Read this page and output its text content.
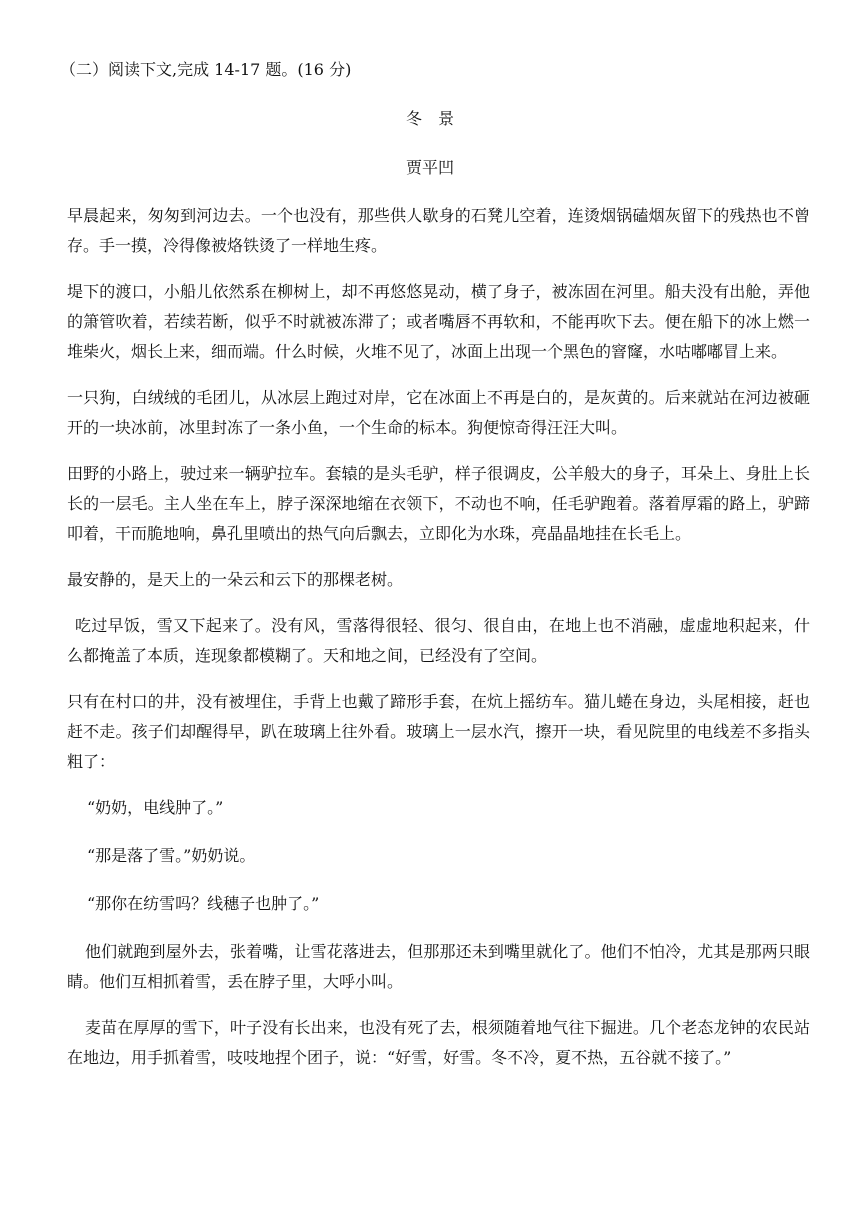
（二）阅读下文,完成 14-17 题。(16 分)
冬　景
贾平凹

早晨起来，匆匆到河边去。一个也没有，那些供人歇身的石凳儿空着，连烫烟锅磕烟灰留下的残热也不曾存。手一摸，冷得像被烙铁烫了一样地生疼。

堤下的渡口，小船儿依然系在柳树上，却不再悠悠晃动，横了身子，被冻固在河里。船夫没有出舱，弄他的箫管吹着，若续若断，似乎不时就被冻滞了；或者嘴唇不再软和，不能再吹下去。便在船下的冰上燃一堆柴火，烟长上来，细而端。什么时候，火堆不见了，冰面上出现一个黑色的窨窿，水咕嘟嘟冒上来。

一只狗，白绒绒的毛团儿，从冰层上跑过对岸，它在冰面上不再是白的，是灰黄的。后来就站在河边被砸开的一块冰前，冰里封冻了一条小鱼，一个生命的标本。狗便惊奇得汪汪大叫。

田野的小路上，驶过来一辆驴拉车。套辕的是头毛驴，样子很调皮，公羊般大的身子，耳朵上、身肚上长长的一层毛。主人坐在车上，脖子深深地缩在衣领下，不动也不响，任毛驴跑着。落着厚霜的路上，驴蹄叩着，干而脆地响，鼻孔里喷出的热气向后飘去，立即化为水珠，亮晶晶地挂在长毛上。

最安静的，是天上的一朵云和云下的那棵老树。

吃过早饭，雪又下起来了。没有风，雪落得很轻、很匀、很自由，在地上也不消融，虚虚地积起来，什么都掩盖了本质，连现象都模糊了。天和地之间，已经没有了空间。

只有在村口的井，没有被埋住，手背上也戴了蹄形手套，在炕上摇纺车。猫儿蜷在身边，头尾相接，赶也赶不走。孩子们却醒得早，趴在玻璃上往外看。玻璃上一层水汽，擦开一块，看见院里的电线差不多指头粗了：

“奶奶，电线肿了。”

“那是落了雪。”奶奶说。

“那你在纺雪吗？线穗子也肿了。”

他们就跑到屋外去，张着嘴，让雪花落进去，但那那还未到嘴里就化了。他们不怕冷，尤其是那两只眼睛。他们互相抓着雪，丢在脖子里，大呼小叫。

麦苗在厚厚的雪下，叶子没有长出来，也没有死了去，根须随着地气往下掘进。几个老态龙钟的农民站在地边，用手抓着雪，吱吱地捏个团子，说：“好雪，好雪。冬不冷，夏不热，五谷就不接了。”
